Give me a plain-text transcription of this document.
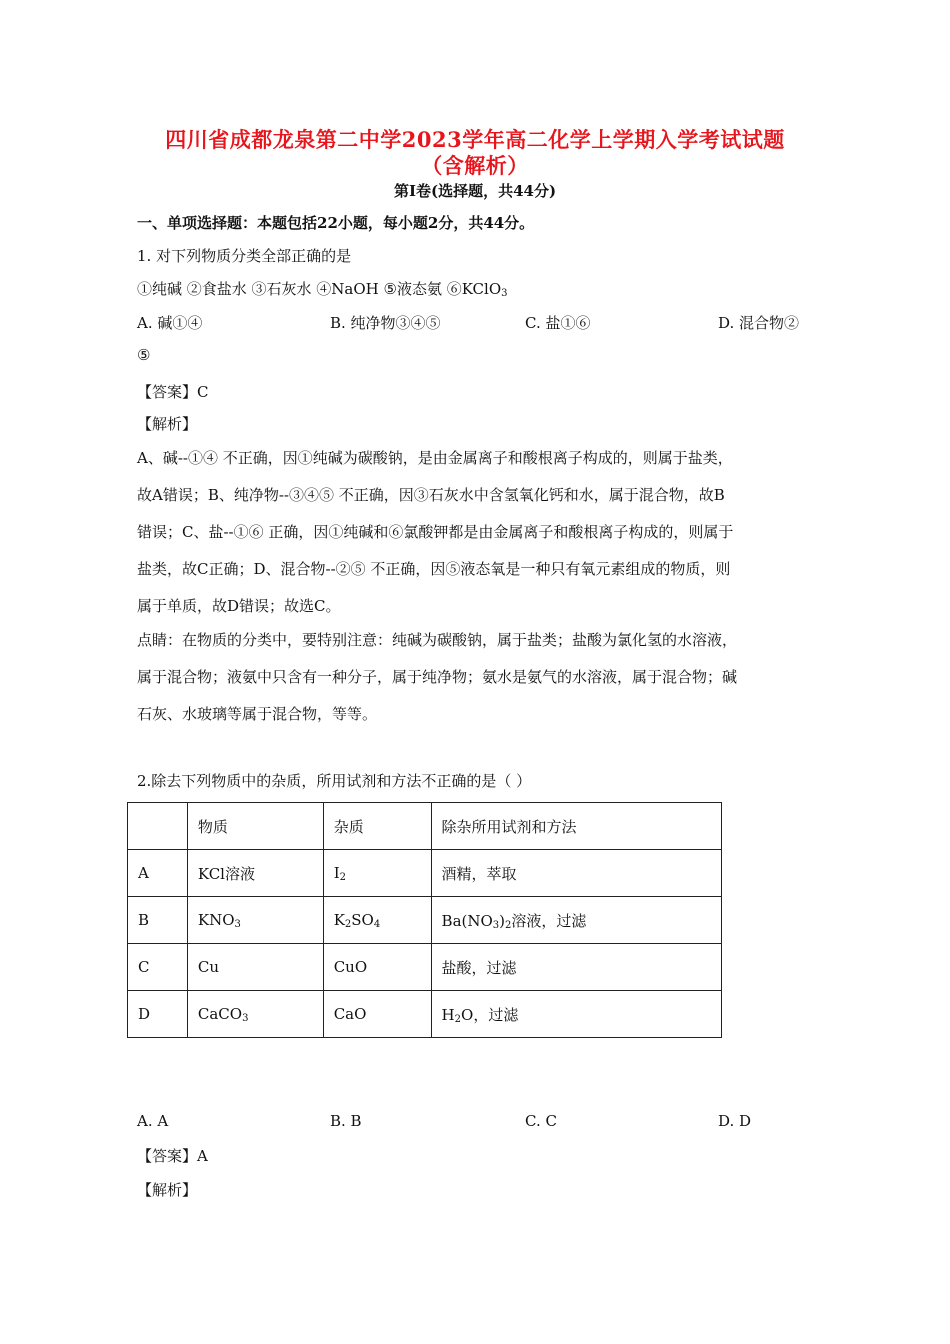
四川省成都龙泉第二中学2023学年高二化学上学期入学考试试题
（含解析）
第Ⅰ卷(选择题，共44分)
一、单项选择题：本题包括22小题，每小题2分，共44分。
1. 对下列物质分类全部正确的是
①纯碱 ②食盐水 ③石灰水 ④NaOH ⑤液态氨 ⑥KClO$_3$
A. 碱①④	B. 纯净物③④⑤	C. 盐①⑥	D. 混合物②
⑤
【答案】C
【解析】
A、碱--①④ 不正确，因①纯碱为碳酸钠，是由金属离子和酸根离子构成的，则属于盐类，
故A错误；B、纯净物--③④⑤ 不正确，因③石灰水中含氢氧化钙和水，属于混合物，故B
错误；C、盐--①⑥ 正确，因①纯碱和⑥氯酸钾都是由金属离子和酸根离子构成的，则属于
盐类，故C正确；D、混合物--②⑤ 不正确，因⑤液态氧是一种只有氧元素组成的物质，则
属于单质，故D错误；故选C。
点睛：在物质的分类中，要特别注意：纯碱为碳酸钠，属于盐类；盐酸为氯化氢的水溶液，
属于混合物；液氨中只含有一种分子，属于纯净物；氨水是氨气的水溶液，属于混合物；碱
石灰、水玻璃等属于混合物，等等。
2.除去下列物质中的杂质，所用试剂和方法不正确的是（ ）
	物质	杂质	除杂所用试剂和方法
A	KCl溶液	$I_2$	酒精，萃取
B	$KNO_3$	$K_2SO_4$	$Ba(NO_3)_2$溶液，过滤
C	Cu	CuO	盐酸，过滤
D	CaCO$_3$	CaO	$H_2O$，过滤
A. A	B. B	C. C	D. D
【答案】A
【解析】
